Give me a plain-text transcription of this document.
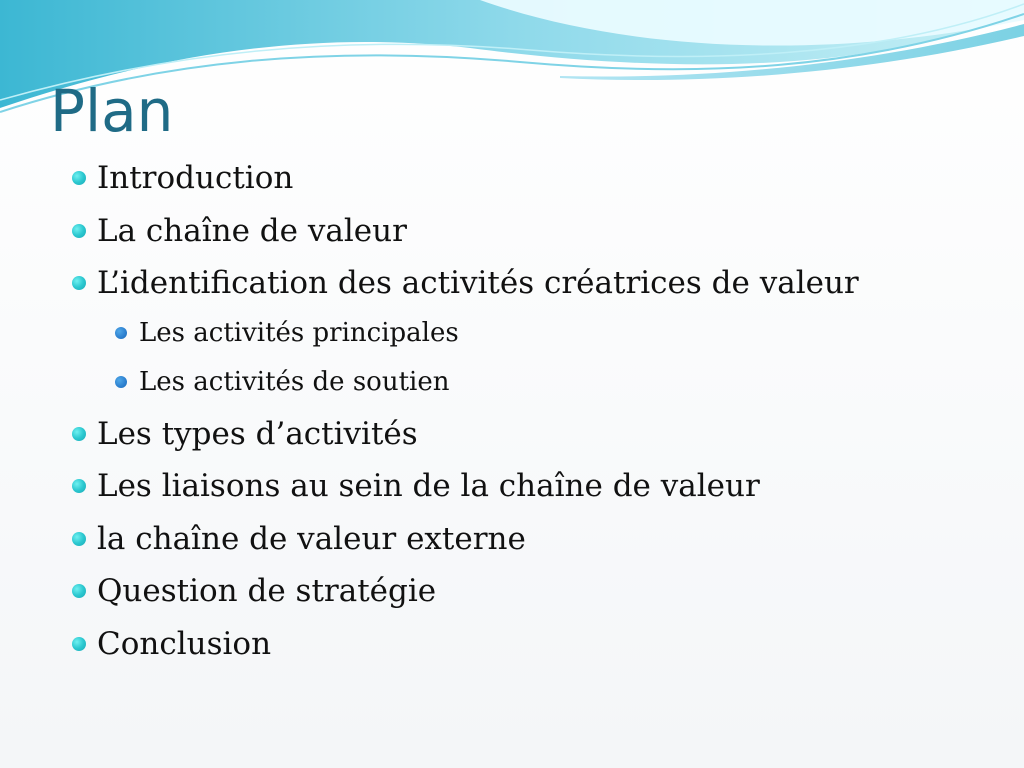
Plan
Introduction
La chaîne de valeur
L’identification des activités créatrices de valeur
Les activités principales
Les activités de soutien
Les types d’activités
Les liaisons au sein de la chaîne de valeur
la chaîne de valeur externe
Question de stratégie
Conclusion
